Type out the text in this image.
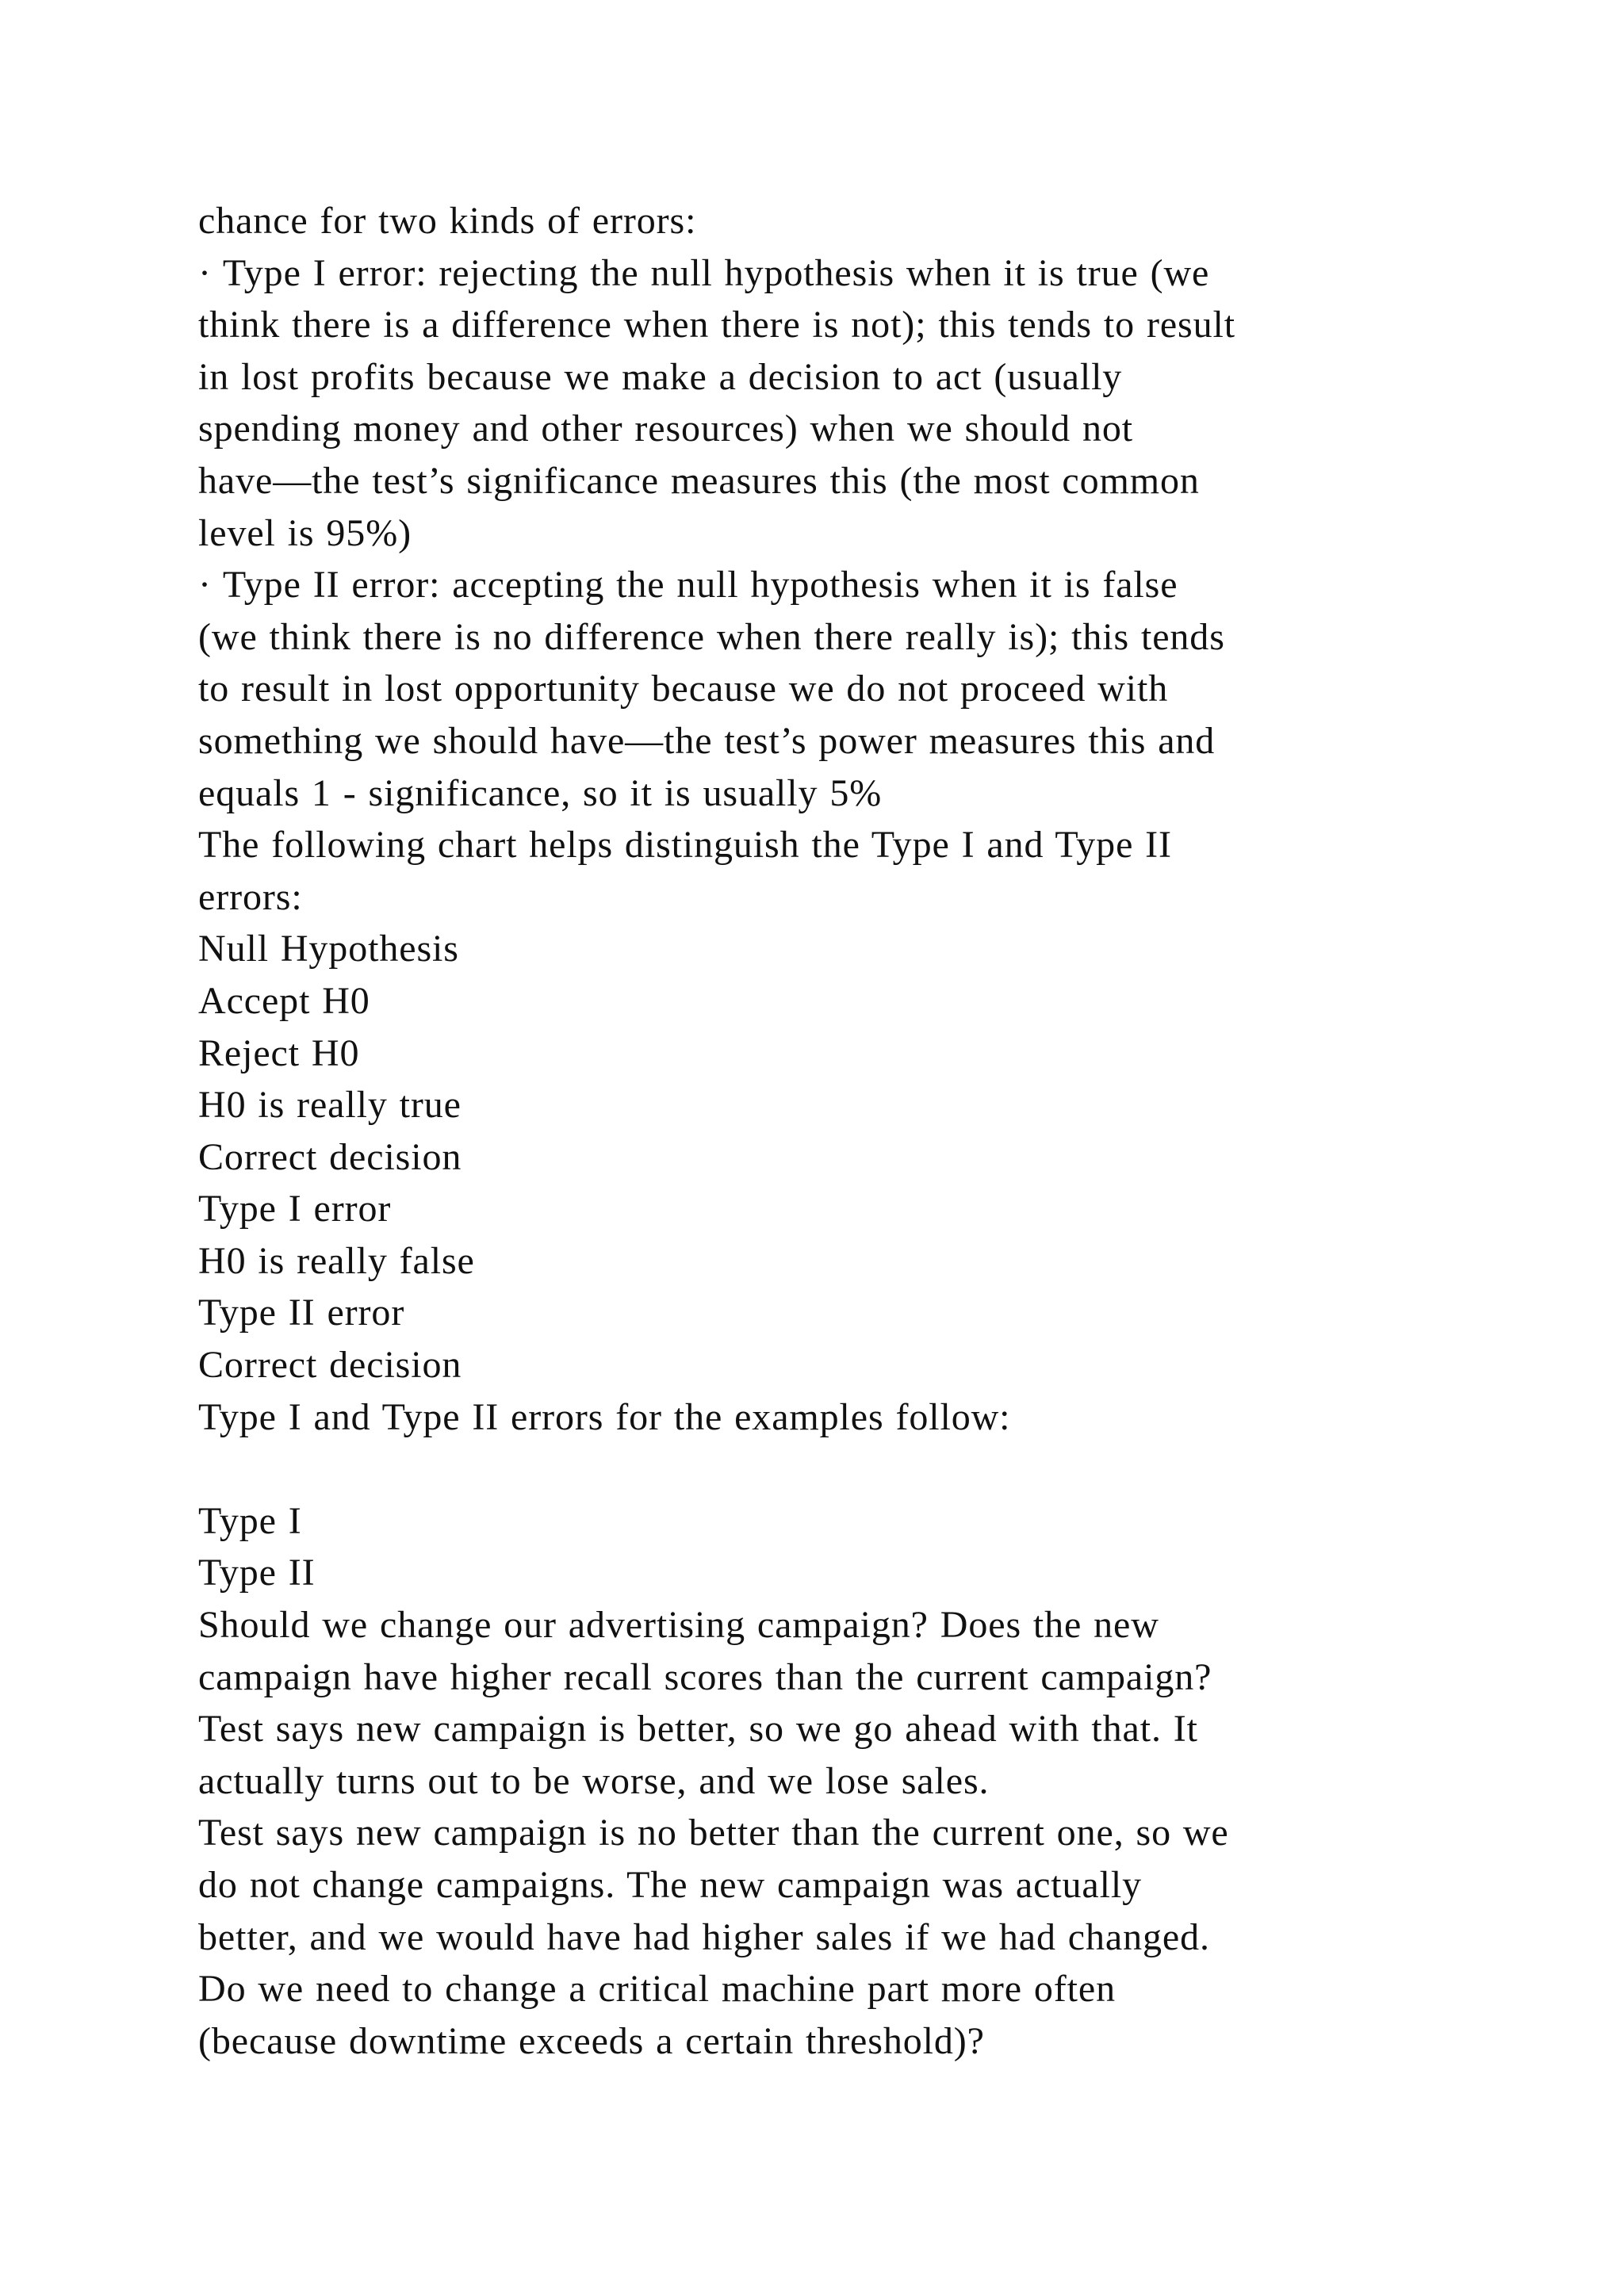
chance for two kinds of errors:

· Type I error: rejecting the null hypothesis when it is true (we

think there is a difference when there is not); this tends to result

in lost profits because we make a decision to act (usually

spending money and other resources) when we should not

have—the test’s significance measures this (the most common

level is 95%)

· Type II error: accepting the null hypothesis when it is false

(we think there is no difference when there really is); this tends

to result in lost opportunity because we do not proceed with

something we should have—the test’s power measures this and

equals 1 - significance, so it is usually 5%

The following chart helps distinguish the Type I and Type II

errors:

Null Hypothesis

Accept H0

Reject H0

H0 is really true

Correct decision

Type I error

H0 is really false

Type II error

Correct decision

Type I and Type II errors for the examples follow:

Type I

Type II

Should we change our advertising campaign? Does the new

campaign have higher recall scores than the current campaign?

Test says new campaign is better, so we go ahead with that. It

actually turns out to be worse, and we lose sales.

Test says new campaign is no better than the current one, so we

do not change campaigns. The new campaign was actually

better, and we would have had higher sales if we had changed.

Do we need to change a critical machine part more often

(because downtime exceeds a certain threshold)?
